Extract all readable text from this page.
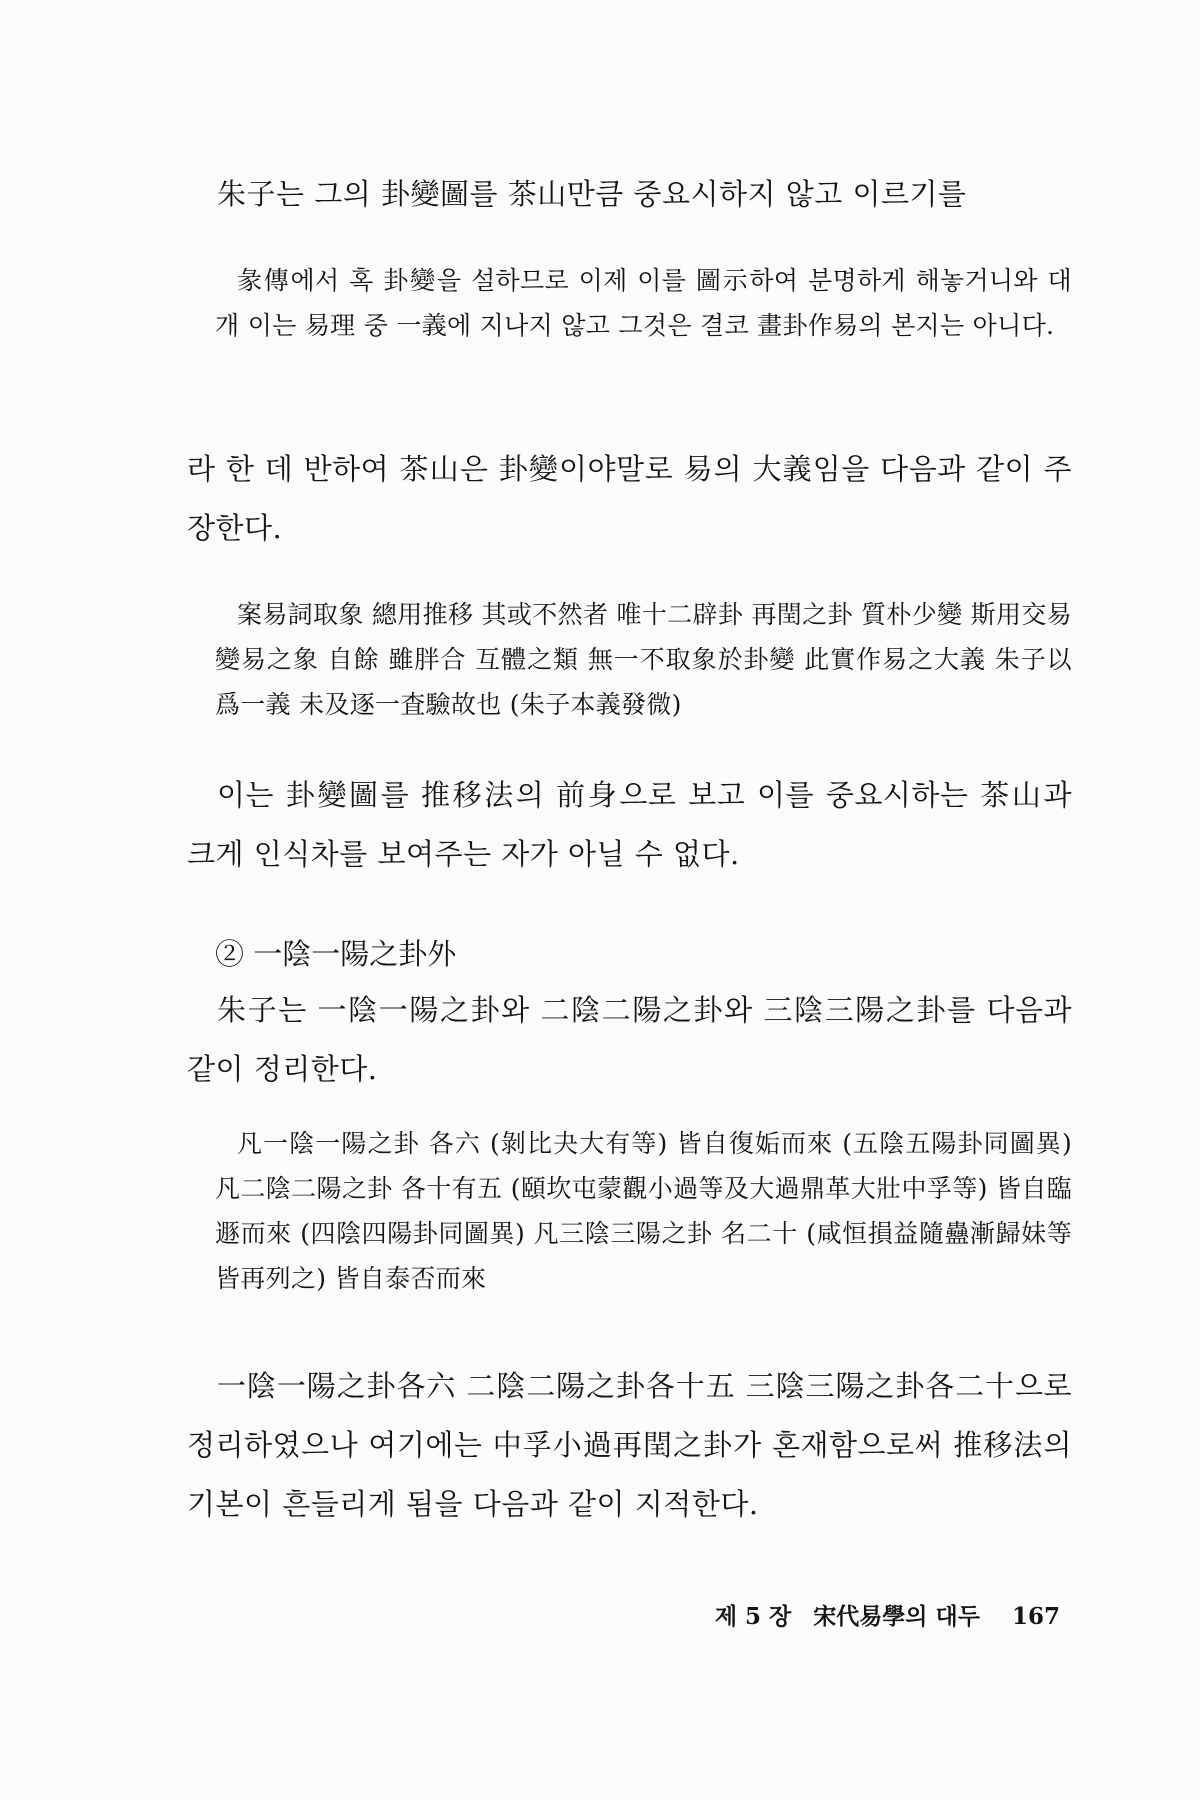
朱子는 그의 卦變圖를 茶山만큼 중요시하지 않고 이르기를

彖傳에서 혹 卦變을 설하므로 이제 이를 圖示하여 분명하게 해놓거니와 대개 이는 易理 중 一義에 지나지 않고 그것은 결코 畫卦作易의 본지는 아니다.

라 한 데 반하여 茶山은 卦變이야말로 易의 大義임을 다음과 같이 주장한다.

案易詞取象 總用推移 其或不然者 唯十二辟卦 再閏之卦 質朴少變 斯用交易 變易之象 自餘 雖胖合 互體之類 無一不取象於卦變 此實作易之大義 朱子以爲一義 未及逐一査驗故也 (朱子本義發微)

이는 卦變圖를 推移法의 前身으로 보고 이를 중요시하는 茶山과 크게 인식차를 보여주는 자가 아닐 수 없다.

② 一陰一陽之卦外

朱子는 一陰一陽之卦와 二陰二陽之卦와 三陰三陽之卦를 다음과 같이 정리한다.

凡一陰一陽之卦 各六 (剝比夬大有等) 皆自復姤而來 (五陰五陽卦同圖異) 凡二陰二陽之卦 各十有五 (頤坎屯蒙觀小過等及大過鼎革大壯中孚等) 皆自臨遯而來 (四陰四陽卦同圖異) 凡三陰三陽之卦 名二十 (咸恒損益隨蠱漸歸妹等皆再列之) 皆自泰否而來

一陰一陽之卦各六 二陰二陽之卦各十五 三陰三陽之卦各二十으로 정리하였으나 여기에는 中孚小過再閏之卦가 혼재함으로써 推移法의 기본이 흔들리게 됨을 다음과 같이 지적한다.

제 5 장 宋代易學의 대두 167
